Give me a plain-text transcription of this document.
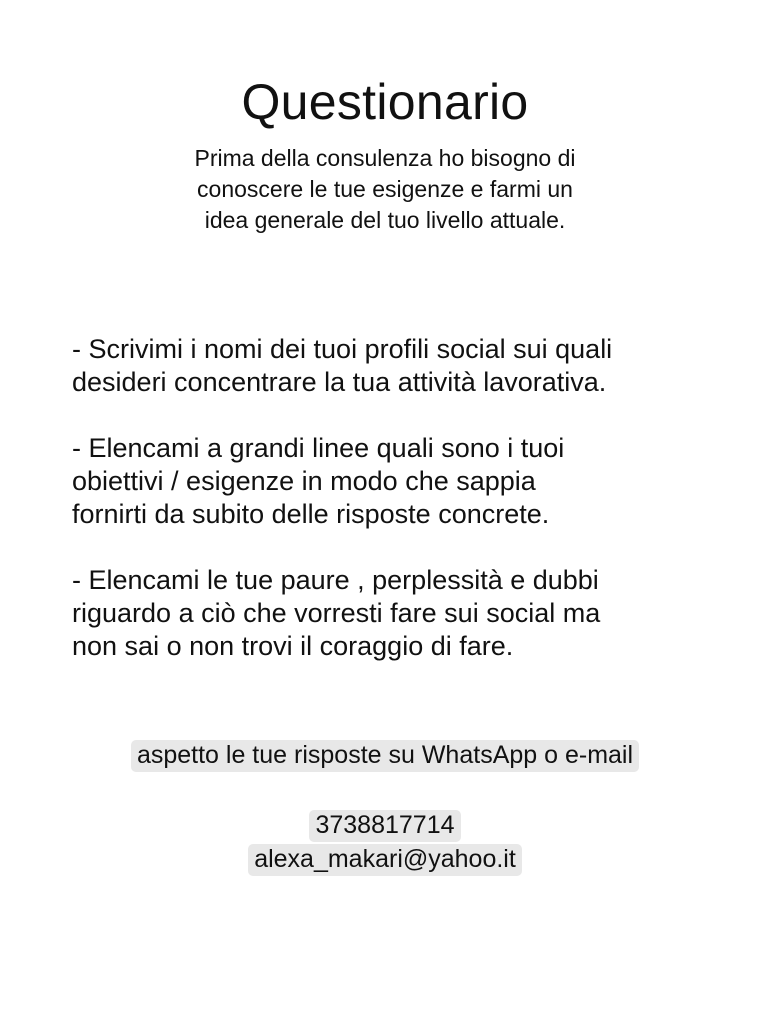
Questionario
Prima della consulenza ho bisogno di
conoscere le tue esigenze e farmi un
idea generale del tuo livello attuale.
- Scrivimi i nomi dei tuoi profili social sui quali
desideri concentrare la tua attività lavorativa.
- Elencami a grandi linee quali sono i tuoi
obiettivi / esigenze in modo che sappia
fornirti da subito delle risposte concrete.
- Elencami le tue paure , perplessità e dubbi
riguardo a ciò che vorresti fare sui social ma
non sai o non trovi il coraggio di fare.
aspetto le tue risposte su WhatsApp o e-mail
3738817714
alexa_makari@yahoo.it
